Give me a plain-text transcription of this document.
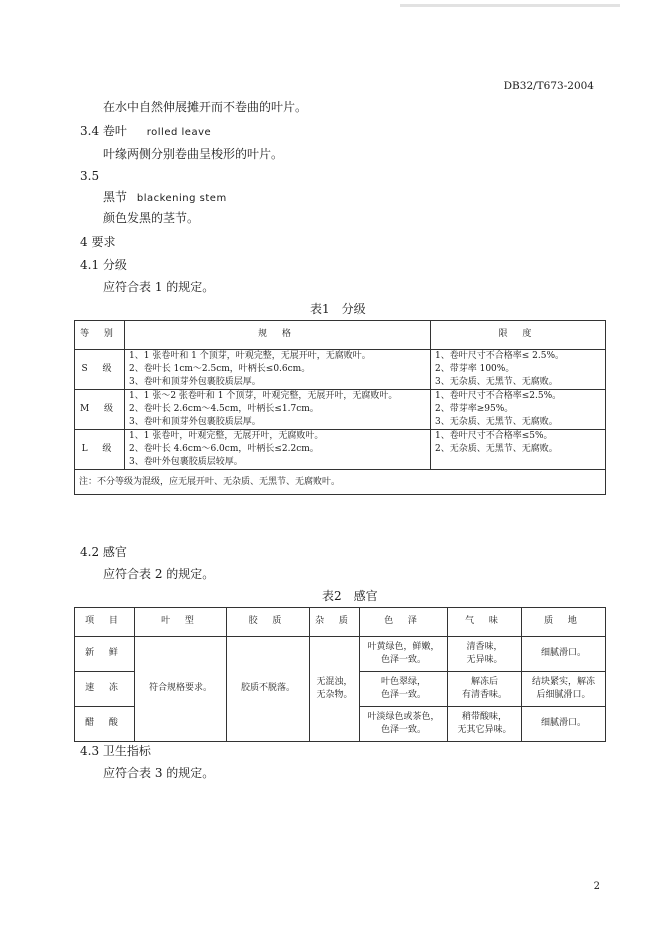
DB32/T673-2004
在水中自然伸展摊开而不卷曲的叶片。
3.4 卷叶 rolled leave
叶缘两侧分别卷曲呈梭形的叶片。
3.5
黑节 blackening stem
颜色发黑的茎节。
4 要求
4.1 分级
应符合表 1 的规定。
表1　分级
等 别	规 格	限 度
S 级	1、1 张卷叶和 1 个顶芽，叶观完整，无展开叶，无腐败叶。
2、卷叶长 1cm～2.5cm，叶柄长≤0.6cm。
3、卷叶和顶芽外包裹胶质层厚。	1、卷叶尺寸不合格率≤ 2.5%。
2、带芽率 100%。
3、无杂质、无黑节、无腐败。

M 级	1、1 张～2 张卷叶和 1 个顶芽，叶观完整，无展开叶，无腐败叶。
2、卷叶长 2.6cm～4.5cm，叶柄长≤1.7cm。
3、卷叶和顶芽外包裹胶质层厚。	1、卷叶尺寸不合格率≤2.5%。
2、带芽率≥95%。
3、无杂质、无黑节、无腐败。

L 级	1、1 张卷叶，叶观完整，无展开叶，无腐败叶。
2、卷叶长 4.6cm～6.0cm，叶柄长≤2.2cm。
3、卷叶外包裹胶质层较厚。	1、卷叶尺寸不合格率≤5%。
2、无杂质、无黑节、无腐败。

注：不分等级为混级，应无展开叶、无杂质、无黑节、无腐败叶。		
4.2 感官
应符合表 2 的规定。
表2　感官
项 目	叶 型	胶 质	杂 质	色 泽	气 味	质 地
新 鲜	符合规格要求。	胶质不脱落。	无混浊，
无杂物。	叶黄绿色，鲜嫩，
色泽一致。	清香味，
无异味。	细腻滑口。

速 冻				叶色翠绿，
色泽一致。	解冻后
有清香味。	结块紧实，解冻
后细腻滑口。

醋 酸				叶淡绿色或茶色，
色泽一致。	稍带酸味，
无其它异味。	细腻滑口。
4.3 卫生指标
应符合表 3 的规定。
2
